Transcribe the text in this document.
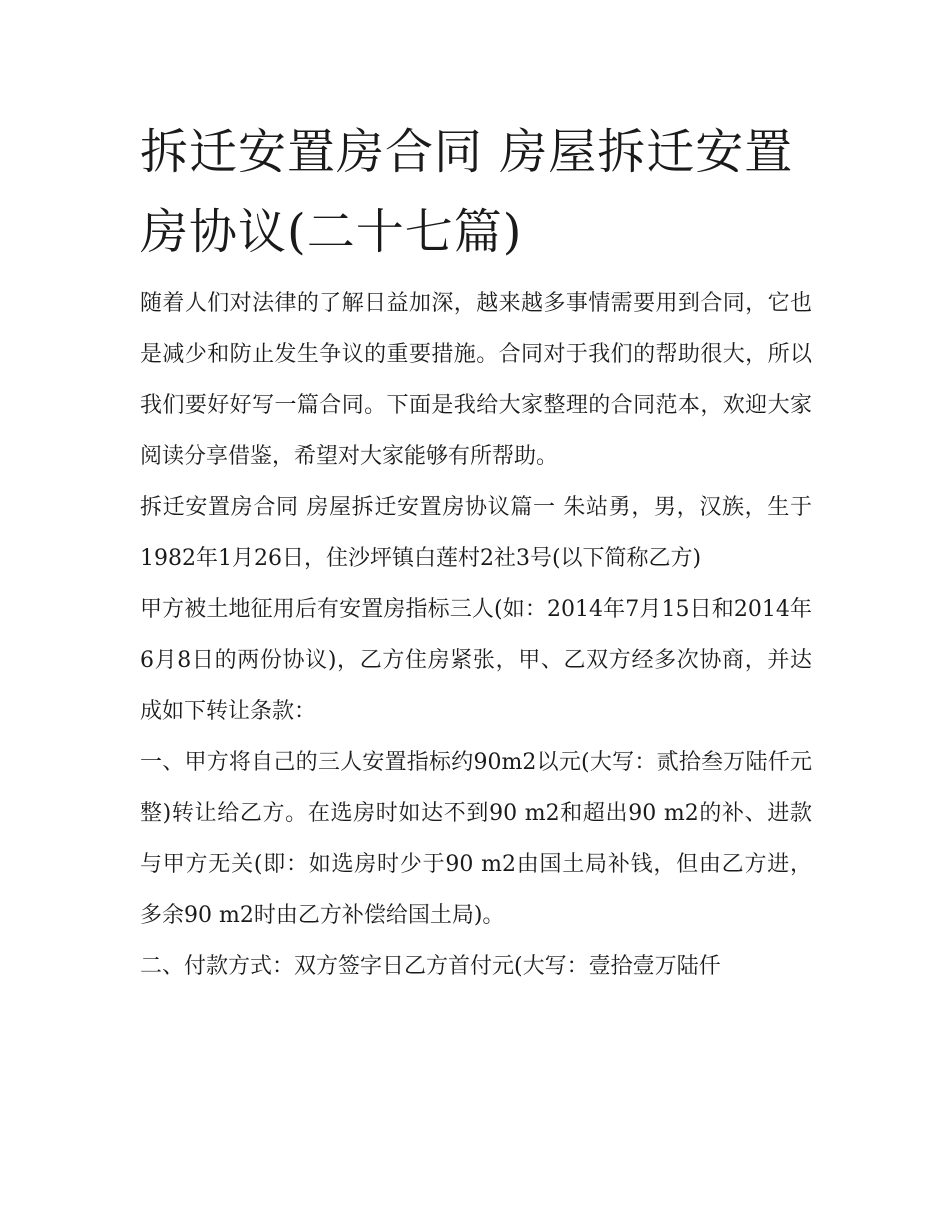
拆迁安置房合同 房屋拆迁安置房协议(二十七篇)

随着人们对法律的了解日益加深，越来越多事情需要用到合同，它也是减少和防止发生争议的重要措施。合同对于我们的帮助很大，所以我们要好好写一篇合同。下面是我给大家整理的合同范本，欢迎大家阅读分享借鉴，希望对大家能够有所帮助。

拆迁安置房合同 房屋拆迁安置房协议篇一 朱站勇，男，汉族，生于1982年1月26日，住沙坪镇白莲村2社3号(以下简称乙方)

甲方被土地征用后有安置房指标三人(如：2014年7月15日和2014年6月8日的两份协议)，乙方住房紧张，甲、乙双方经多次协商，并达成如下转让条款：

一、甲方将自己的三人安置指标约90m2以元(大写：贰拾叁万陆仟元整)转让给乙方。在选房时如达不到90 m2和超出90 m2的补、进款与甲方无关(即：如选房时少于90 m2由国土局补钱，但由乙方进，多余90 m2时由乙方补偿给国土局)。

二、付款方式：双方签字日乙方首付元(大写：壹拾壹万陆仟
